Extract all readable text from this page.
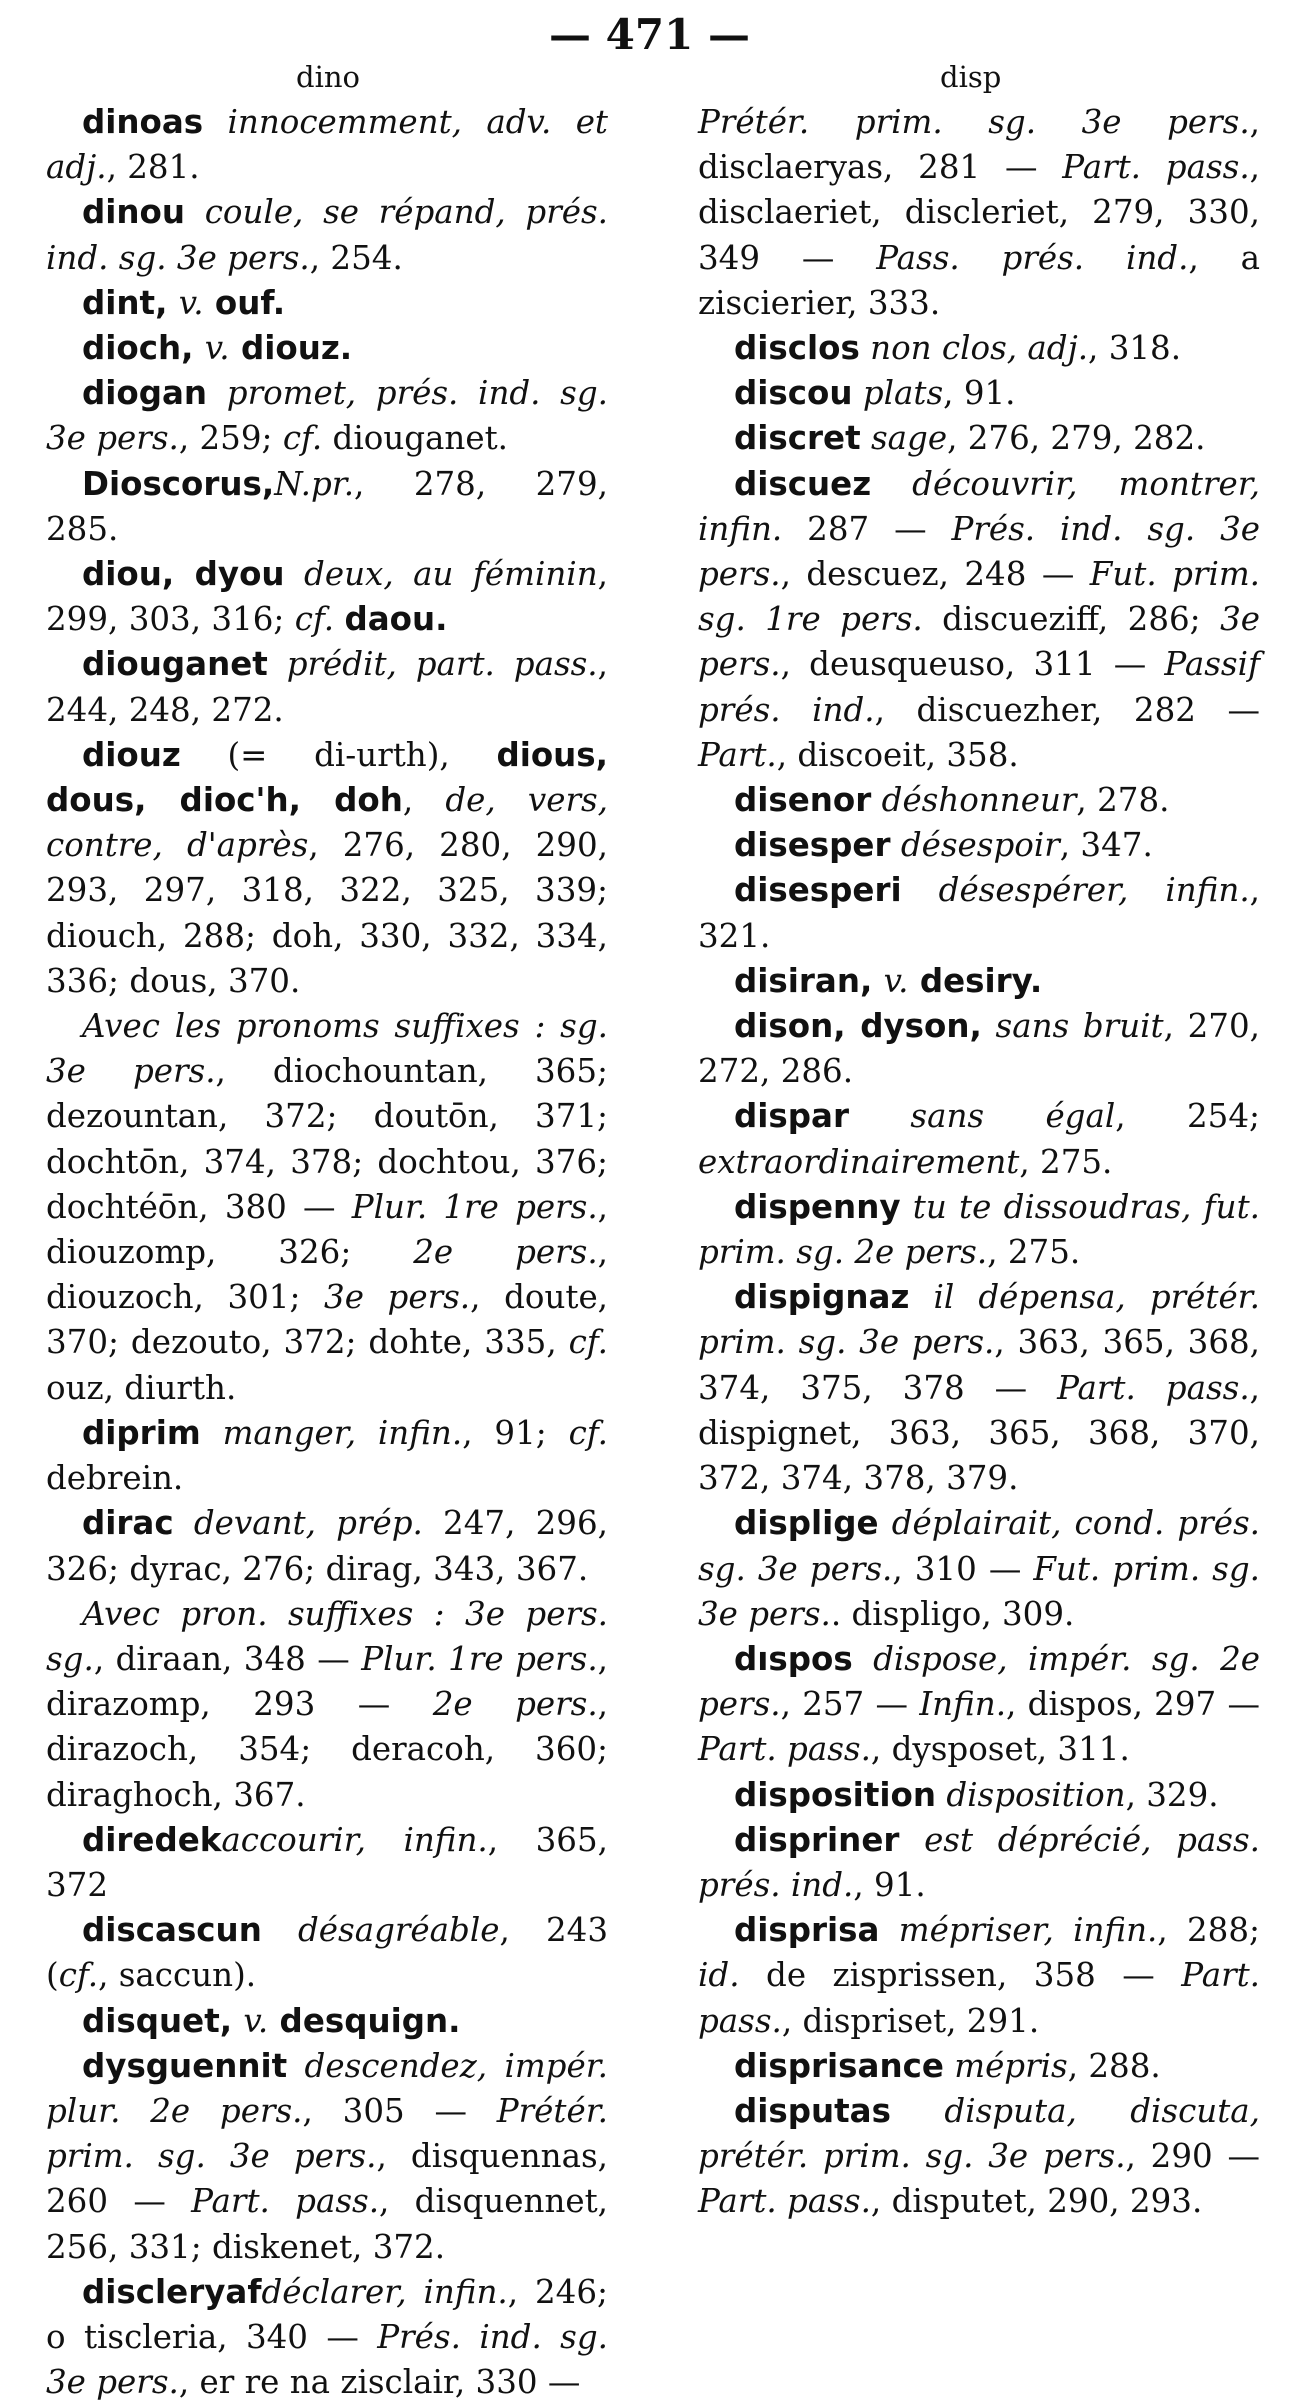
— 471 —
dino	disp

dinoas innocemment, adv. et adj., 281.

dinou coule, se répand, prés. ind. sg. 3e pers., 254.

dint, v. ouf.

dioch, v. diouz.

diogan promet, prés. ind. sg. 3e pers., 259; cf. diouganet.

Dioscorus,N.pr., 278, 279, 285.

diou, dyou deux, au féminin, 299, 303, 316; cf. daou.

diouganet prédit, part. pass., 244, 248, 272.

diouz (= di-urth), dious, dous, dioc'h, doh, de, vers, contre, d'après, 276, 280, 290, 293, 297, 318, 322, 325, 339; diouch, 288; doh, 330, 332, 334, 336; dous, 370.

Avec les pronoms suffixes : sg. 3e pers., diochountan, 365; dezountan, 372; doutōn, 371; dochtōn, 374, 378; dochtou, 376; dochtéōn, 380 — Plur. 1re pers., diouzomp, 326; 2e pers., diouzoch, 301; 3e pers., doute, 370; dezouto, 372; dohte, 335, cf. ouz, diurth.

diprim manger, infin., 91; cf. debrein.

dirac devant, prép. 247, 296, 326; dyrac, 276; dirag, 343, 367.

Avec pron. suffixes : 3e pers. sg., diraan, 348 — Plur. 1re pers., dirazomp, 293 — 2e pers., dirazoch, 354; deracoh, 360; diraghoch, 367.

diredekaccourir, infin., 365, 372

discascun désagréable, 243 (cf., saccun).

disquet, v. desquign.

dysguennit descendez, impér. plur. 2e pers., 305 — Prétér. prim. sg. 3e pers., disquennas, 260 — Part. pass., disquennet, 256, 331; diskenet, 372.

discleryafdéclarer, infin., 246; o tiscleria, 340 — Prés. ind. sg. 3e pers., er re na zisclair, 330 —

Prétér. prim. sg. 3e pers., disclaeryas, 281 — Part. pass., disclaeriet, discleriet, 279, 330, 349 — Pass. prés. ind., a ziscierier, 333.

disclos non clos, adj., 318.

discou plats, 91.

discret sage, 276, 279, 282.

discuez découvrir, montrer, infin. 287 — Prés. ind. sg. 3e pers., descuez, 248 — Fut. prim. sg. 1re pers. discueziff, 286; 3e pers., deusqueuso, 311 — Passif prés. ind., discuezher, 282 — Part., discoeit, 358.

disenor déshonneur, 278.

disesper désespoir, 347.

disesperi désespérer, infin., 321.

disiran, v. desiry.

dison, dyson, sans bruit, 270, 272, 286.

dispar sans égal, 254; extraordinairement, 275.

dispenny tu te dissoudras, fut. prim. sg. 2e pers., 275.

dispignaz il dépensa, prétér. prim. sg. 3e pers., 363, 365, 368, 374, 375, 378 — Part. pass., dispignet, 363, 365, 368, 370, 372, 374, 378, 379.

displige déplairait, cond. prés. sg. 3e pers., 310 — Fut. prim. sg. 3e pers.. displigo, 309.

dıspos dispose, impér. sg. 2e pers., 257 — Infin., dispos, 297 — Part. pass., dysposet, 311.

disposition disposition, 329.

dispriner est déprécié, pass. prés. ind., 91.

disprisa mépriser, infin., 288; id. de zisprissen, 358 — Part. pass., dispriset, 291.

disprisance mépris, 288.

disputas disputa, discuta, prétér. prim. sg. 3e pers., 290 — Part. pass., disputet, 290, 293.
